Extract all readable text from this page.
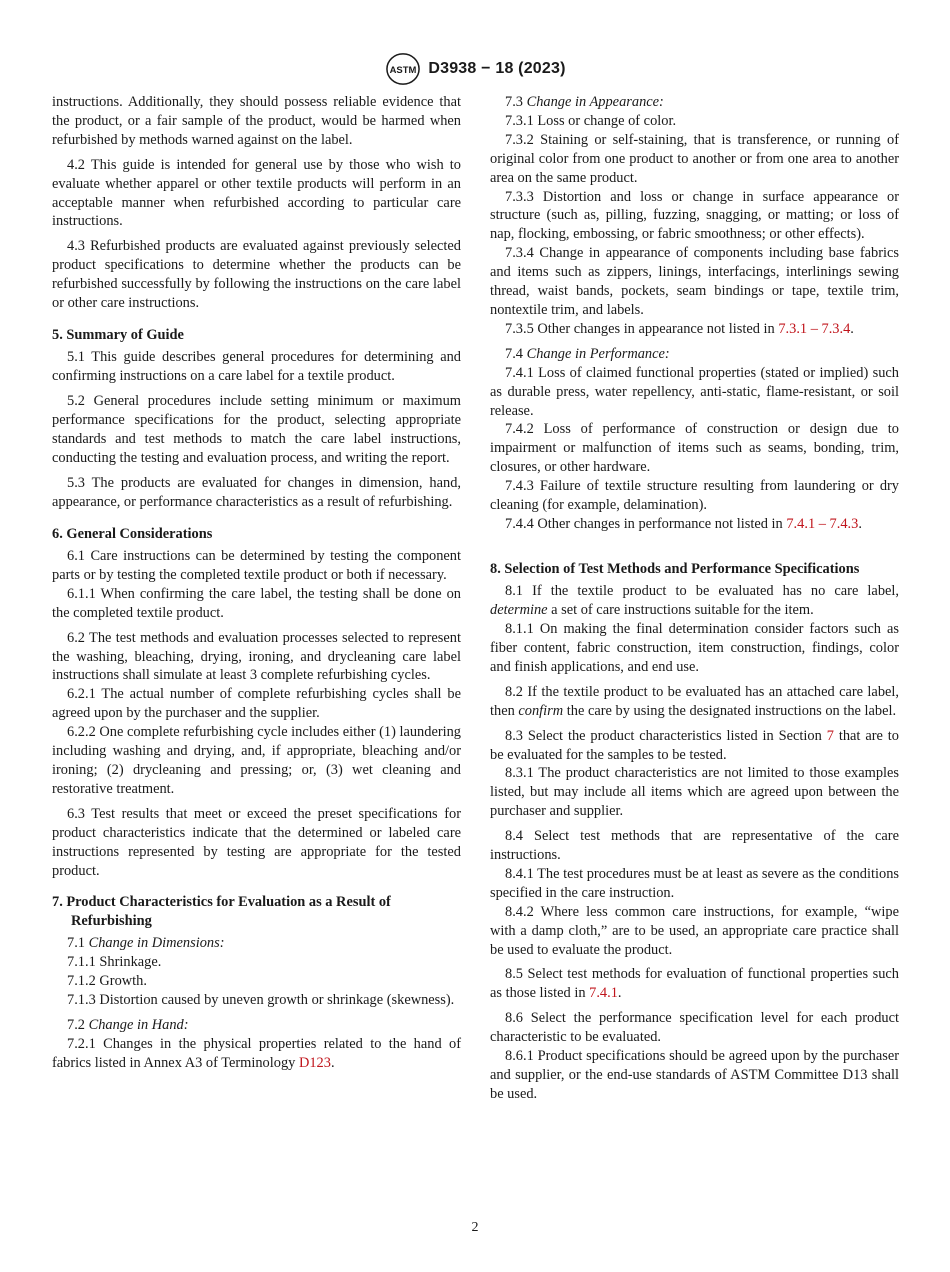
ASTM D3938 − 18 (2023)

instructions. Additionally, they should possess reliable evidence that the product, or a fair sample of the product, would be harmed when refurbished by methods warned against on the label.

4.2 This guide is intended for general use by those who wish to evaluate whether apparel or other textile products will perform in an acceptable manner when refurbished according to particular care instructions.

4.3 Refurbished products are evaluated against previously selected product specifications to determine whether the products can be refurbished successfully by following the instructions on the care label or other care instructions.

5. Summary of Guide

5.1 This guide describes general procedures for determining and confirming instructions on a care label for a textile product.

5.2 General procedures include setting minimum or maximum performance specifications for the product, selecting appropriate standards and test methods to match the care label instructions, conducting the testing and evaluation process, and writing the report.

5.3 The products are evaluated for changes in dimension, hand, appearance, or performance characteristics as a result of refurbishing.

6. General Considerations

6.1 Care instructions can be determined by testing the component parts or by testing the completed textile product or both if necessary.

6.1.1 When confirming the care label, the testing shall be done on the completed textile product.

6.2 The test methods and evaluation processes selected to represent the washing, bleaching, drying, ironing, and drycleaning care label instructions shall simulate at least 3 complete refurbishing cycles.

6.2.1 The actual number of complete refurbishing cycles shall be agreed upon by the purchaser and the supplier.

6.2.2 One complete refurbishing cycle includes either (1) laundering including washing and drying, and, if appropriate, bleaching and/or ironing; (2) drycleaning and pressing; or, (3) wet cleaning and restorative treatment.

6.3 Test results that meet or exceed the preset specifications for product characteristics indicate that the determined or labeled care instructions represented by testing are appropriate for the tested product.

7. Product Characteristics for Evaluation as a Result of Refurbishing

7.1 Change in Dimensions:

7.1.1 Shrinkage.

7.1.2 Growth.

7.1.3 Distortion caused by uneven growth or shrinkage (skewness).

7.2 Change in Hand:

7.2.1 Changes in the physical properties related to the hand of fabrics listed in Annex A3 of Terminology D123.

7.3 Change in Appearance:

7.3.1 Loss or change of color.

7.3.2 Staining or self-staining, that is transference, or running of original color from one product to another or from one area to another area on the same product.

7.3.3 Distortion and loss or change in surface appearance or structure (such as, pilling, fuzzing, snagging, or matting; or loss of nap, flocking, embossing, or fabric smoothness; or other effects).

7.3.4 Change in appearance of components including base fabrics and items such as zippers, linings, interfacings, interlinings sewing thread, waist bands, pockets, seam bindings or tape, textile trim, nontextile trim, and labels.

7.3.5 Other changes in appearance not listed in 7.3.1 – 7.3.4.

7.4 Change in Performance:

7.4.1 Loss of claimed functional properties (stated or implied) such as durable press, water repellency, anti-static, flame-resistant, or soil release.

7.4.2 Loss of performance of construction or design due to impairment or malfunction of items such as seams, bonding, trim, closures, or other hardware.

7.4.3 Failure of textile structure resulting from laundering or dry cleaning (for example, delamination).

7.4.4 Other changes in performance not listed in 7.4.1 – 7.4.3.

8. Selection of Test Methods and Performance Specifications

8.1 If the textile product to be evaluated has no care label, determine a set of care instructions suitable for the item.

8.1.1 On making the final determination consider factors such as fiber content, fabric construction, item construction, findings, color and finish applications, and end use.

8.2 If the textile product to be evaluated has an attached care label, then confirm the care by using the designated instructions on the label.

8.3 Select the product characteristics listed in Section 7 that are to be evaluated for the samples to be tested.

8.3.1 The product characteristics are not limited to those examples listed, but may include all items which are agreed upon between the purchaser and supplier.

8.4 Select test methods that are representative of the care instructions.

8.4.1 The test procedures must be at least as severe as the conditions specified in the care instruction.

8.4.2 Where less common care instructions, for example, “wipe with a damp cloth,” are to be used, an appropriate care practice shall be used to evaluate the product.

8.5 Select test methods for evaluation of functional properties such as those listed in 7.4.1.

8.6 Select the performance specification level for each product characteristic to be evaluated.

8.6.1 Product specifications should be agreed upon by the purchaser and supplier, or the end-use standards of ASTM Committee D13 shall be used.

2
